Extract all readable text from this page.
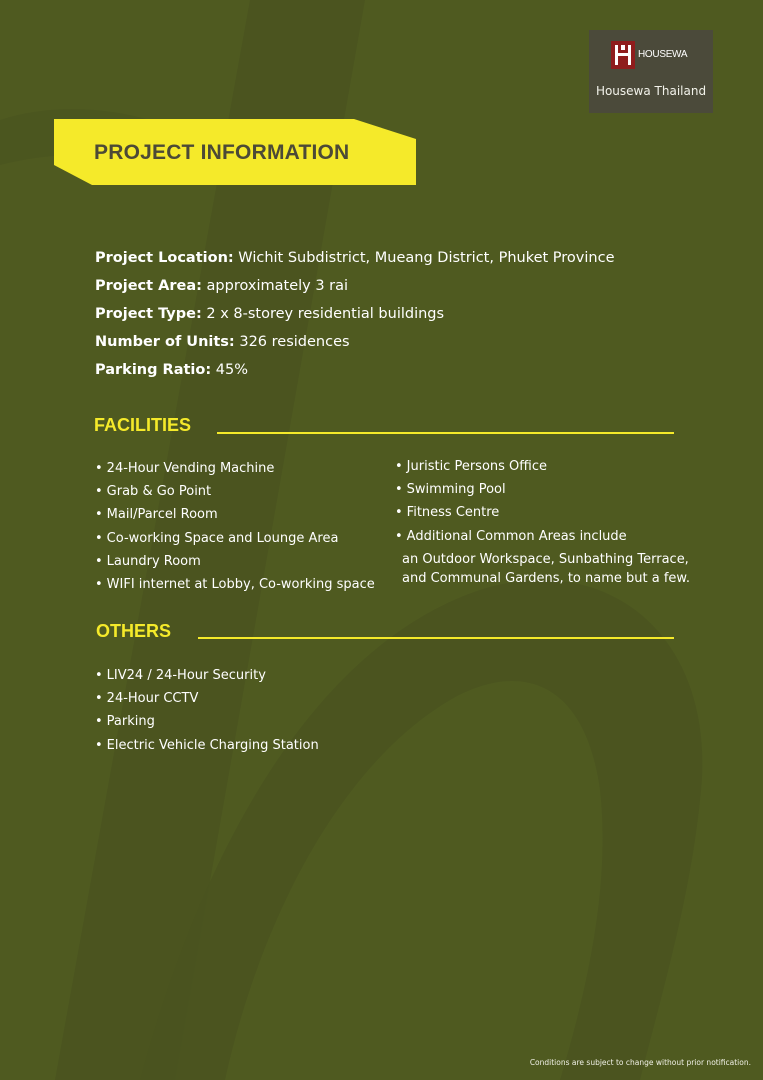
HOUSEWA
Housewa Thailand
PROJECT INFORMATION
Project Location: Wichit Subdistrict, Mueang District, Phuket Province
Project Area: approximately 3 rai
Project Type: 2 x 8-storey residential buildings
Number of Units: 326 residences
Parking Ratio: 45%
FACILITIES
• 24-Hour Vending Machine
• Grab & Go Point
• Mail/Parcel Room
• Co-working Space and Lounge Area
• Laundry Room
• WIFI internet at Lobby, Co-working space
• Juristic Persons Office
• Swimming Pool
• Fitness Centre
• Additional Common Areas include
an Outdoor Workspace, Sunbathing Terrace,
and Communal Gardens, to name but a few.
OTHERS
• LIV24 / 24-Hour Security
• 24-Hour CCTV
• Parking
• Electric Vehicle Charging Station
Conditions are subject to change without prior notification.
